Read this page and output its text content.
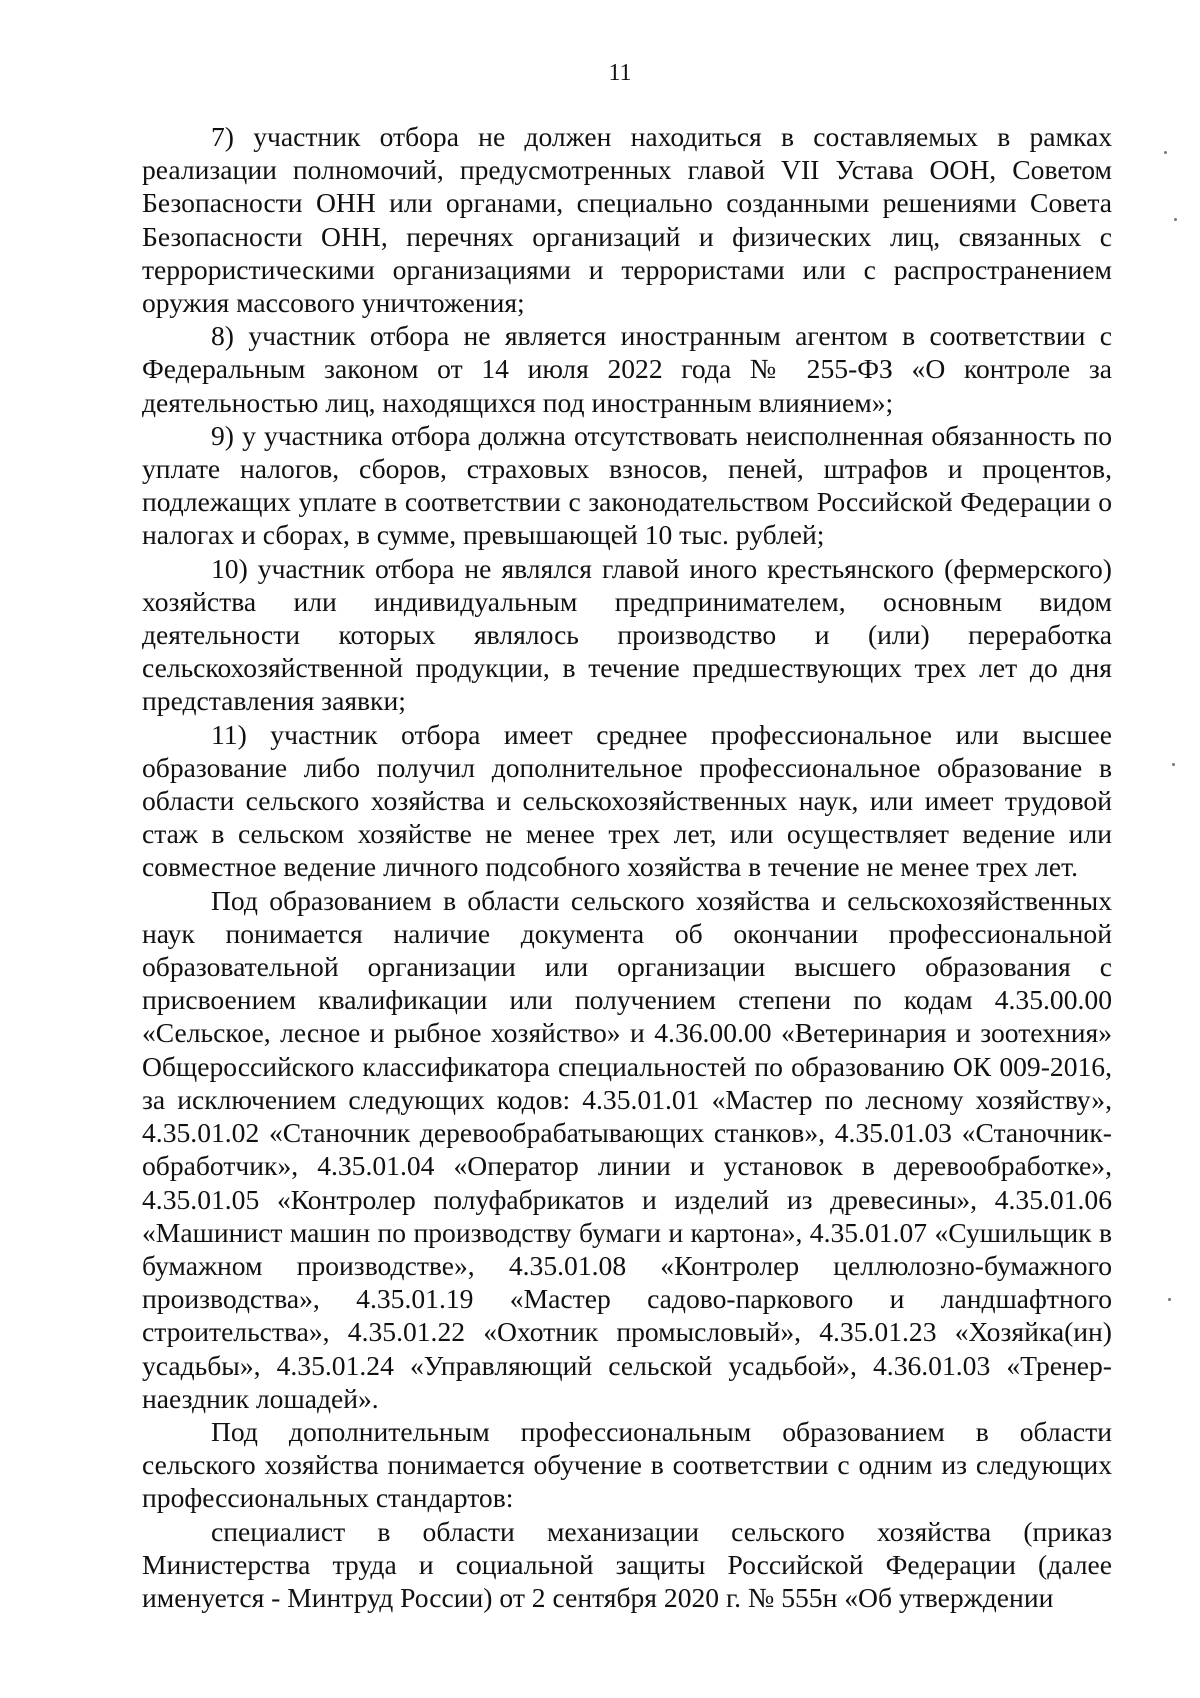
11

7) участник отбора не должен находиться в составляемых в рамках реализации полномочий, предусмотренных главой VII Устава ООН, Советом Безопасности ОНН или органами, специально созданными решениями Совета Безопасности ОНН, перечнях организаций и физических лиц, связанных с террористическими организациями и террористами или с распространением оружия массового уничтожения;

8) участник отбора не является иностранным агентом в соответствии с Федеральным законом от 14 июля 2022 года № 255-ФЗ «О контроле за деятельностью лиц, находящихся под иностранным влиянием»;

9) у участника отбора должна отсутствовать неисполненная обязанность по уплате налогов, сборов, страховых взносов, пеней, штрафов и процентов, подлежащих уплате в соответствии с законодательством Российской Федерации о налогах и сборах, в сумме, превышающей 10 тыс. рублей;

10) участник отбора не являлся главой иного крестьянского (фермерского) хозяйства или индивидуальным предпринимателем, основным видом деятельности которых являлось производство и (или) переработка сельскохозяйственной продукции, в течение предшествующих трех лет до дня представления заявки;

11) участник отбора имеет среднее профессиональное или высшее образование либо получил дополнительное профессиональное образование в области сельского хозяйства и сельскохозяйственных наук, или имеет трудовой стаж в сельском хозяйстве не менее трех лет, или осуществляет ведение или совместное ведение личного подсобного хозяйства в течение не менее трех лет.

Под образованием в области сельского хозяйства и сельскохозяйственных наук понимается наличие документа об окончании профессиональной образовательной организации или организации высшего образования с присвоением квалификации или получением степени по кодам 4.35.00.00 «Сельское, лесное и рыбное хозяйство» и 4.36.00.00 «Ветеринария и зоотехния» Общероссийского классификатора специальностей по образованию ОК 009-2016, за исключением следующих кодов: 4.35.01.01 «Мастер по лесному хозяйству», 4.35.01.02 «Станочник деревообрабатывающих станков», 4.35.01.03 «Станочник-обработчик», 4.35.01.04 «Оператор линии и установок в деревообработке», 4.35.01.05 «Контролер полуфабрикатов и изделий из древесины», 4.35.01.06 «Машинист машин по производству бумаги и картона», 4.35.01.07 «Сушильщик в бумажном производстве», 4.35.01.08 «Контролер целлюлозно-бумажного производства», 4.35.01.19 «Мастер садово-паркового и ландшафтного строительства», 4.35.01.22 «Охотник промысловый», 4.35.01.23 «Хозяйка(ин) усадьбы», 4.35.01.24 «Управляющий сельской усадьбой», 4.36.01.03 «Тренер-наездник лошадей».

Под дополнительным профессиональным образованием в области сельского хозяйства понимается обучение в соответствии с одним из следующих профессиональных стандартов:

специалист в области механизации сельского хозяйства (приказ Министерства труда и социальной защиты Российской Федерации (далее именуется - Минтруд России) от 2 сентября 2020 г. № 555н «Об утверждении
